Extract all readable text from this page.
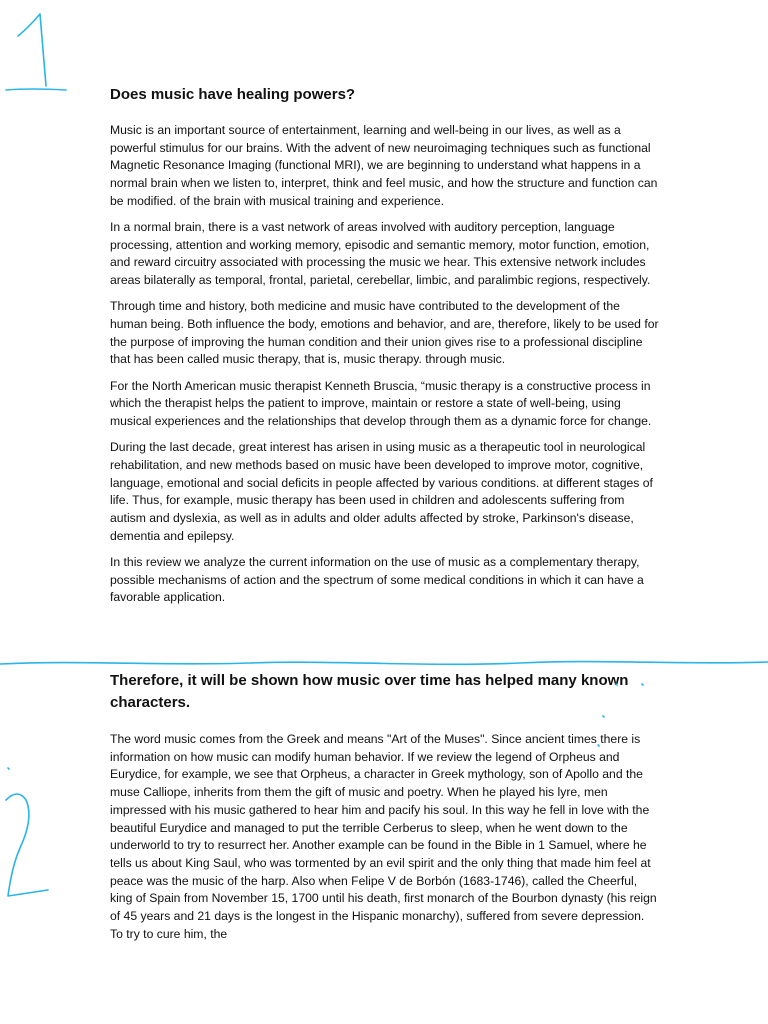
Does music have healing powers?

Music is an important source of entertainment, learning and well-being in our lives, as well as a powerful stimulus for our brains. With the advent of new neuroimaging techniques such as functional Magnetic Resonance Imaging (functional MRI), we are beginning to understand what happens in a normal brain when we listen to, interpret, think and feel music, and how the structure and function can be modified. of the brain with musical training and experience.

In a normal brain, there is a vast network of areas involved with auditory perception, language processing, attention and working memory, episodic and semantic memory, motor function, emotion, and reward circuitry associated with processing the music we hear. This extensive network includes areas bilaterally as temporal, frontal, parietal, cerebellar, limbic, and paralimbic regions, respectively.

Through time and history, both medicine and music have contributed to the development of the human being. Both influence the body, emotions and behavior, and are, therefore, likely to be used for the purpose of improving the human condition and their union gives rise to a professional discipline that has been called music therapy, that is, music therapy. through music.

For the North American music therapist Kenneth Bruscia, “music therapy is a constructive process in which the therapist helps the patient to improve, maintain or restore a state of well-being, using musical experiences and the relationships that develop through them as a dynamic force for change.

During the last decade, great interest has arisen in using music as a therapeutic tool in neurological rehabilitation, and new methods based on music have been developed to improve motor, cognitive, language, emotional and social deficits in people affected by various conditions. at different stages of life. Thus, for example, music therapy has been used in children and adolescents suffering from autism and dyslexia, as well as in adults and older adults affected by stroke, Parkinson's disease, dementia and epilepsy.

In this review we analyze the current information on the use of music as a complementary therapy, possible mechanisms of action and the spectrum of some medical conditions in which it can have a favorable application.

Therefore, it will be shown how music over time has helped many known characters.

The word music comes from the Greek and means "Art of the Muses". Since ancient times there is information on how music can modify human behavior. If we review the legend of Orpheus and Eurydice, for example, we see that Orpheus, a character in Greek mythology, son of Apollo and the muse Calliope, inherits from them the gift of music and poetry. When he played his lyre, men impressed with his music gathered to hear him and pacify his soul. In this way he fell in love with the beautiful Eurydice and managed to put the terrible Cerberus to sleep, when he went down to the underworld to try to resurrect her. Another example can be found in the Bible in 1 Samuel, where he tells us about King Saul, who was tormented by an evil spirit and the only thing that made him feel at peace was the music of the harp. Also when Felipe V de Borbón (1683-1746), called the Cheerful, king of Spain from November 15, 1700 until his death, first monarch of the Bourbon dynasty (his reign of 45 years and 21 days is the longest in the Hispanic monarchy), suffered from severe depression. To try to cure him, the
